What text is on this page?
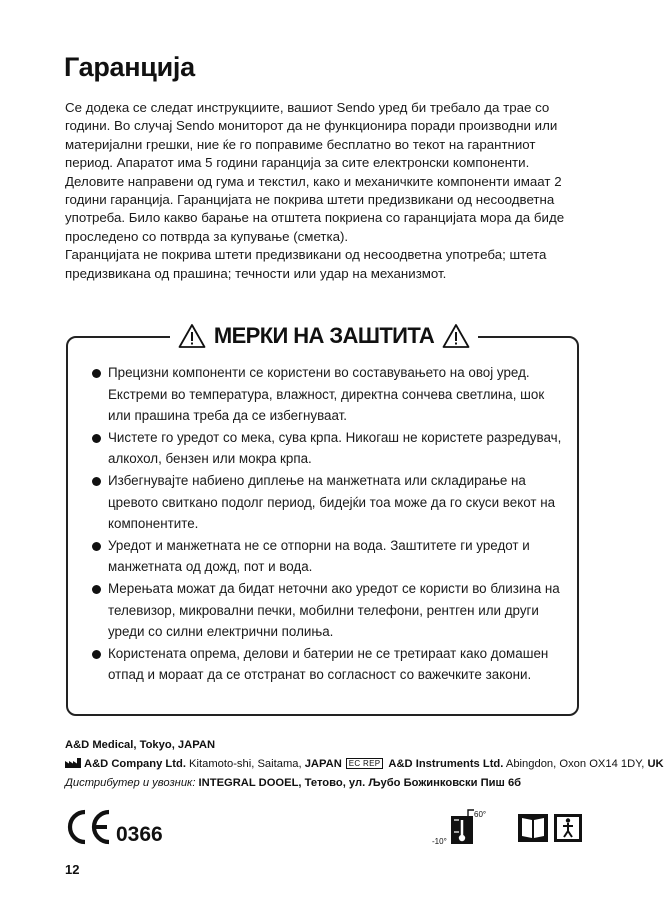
Гаранција

Се додека се следат инструкциите, вашиот Sendo уред би требало да трае со години. Во случај Sendo мониторот да не функционира поради производни или материјални грешки, ние ќе го поправиме бесплатно во текот на гарантниот период. Апаратот има 5 години гаранција за сите електронски компоненти. Деловите направени од гума и текстил, како и механичките компоненти имаат 2 години гаранција. Гаранцијата не покрива штети предизвикани од несоодветна употреба. Било какво барање на отштета покриена со гаранцијата мора да биде проследено со потврда за купување (сметка).

Гаранцијата не покрива штети предизвикани од несоодветна употреба; штета предизвикана од прашина; течности или удар на механизмот.

МЕРКИ НА ЗАШТИТА
Прецизни компоненти се користени во составувањето на овој уред. Екстреми во температура, влажност, директна сончева светлина, шок или прашина треба да се избегнуваат.
Чистете го уредот со мека, сува крпа. Никогаш не користете разредувач, алкохол, бензен или мокра крпа.
Избегнувајте набиено диплење на манжетната или складирање на цревото свиткано подолг период, бидејќи тоа може да го скуси векот на компонентите.
Уредот и манжетната не се отпорни на вода. Заштитете ги уредот и манжетната од дожд, пот и вода.
Мерењата можат да бидат неточни ако уредот се користи во близина на телевизор, микровални печки, мобилни телефони, рентген или други уреди со силни електрични полиња.
Користената опрема, делови и батерии не се третираат како домашен отпад и мораат да се отстранат во согласност со важечките закони.
A&D Medical, Tokyo, JAPAN
A&D Company Ltd. Kitamoto-shi, Saitama, JAPAN EC REP A&D Instruments Ltd. Abingdon, Oxon OX14 1DY, UK
Дистрибутер и увозник: INTEGRAL DOOEL, Тетово, ул. Љубо Божинковски Пиш 6б
0366	-10°
60°
12
